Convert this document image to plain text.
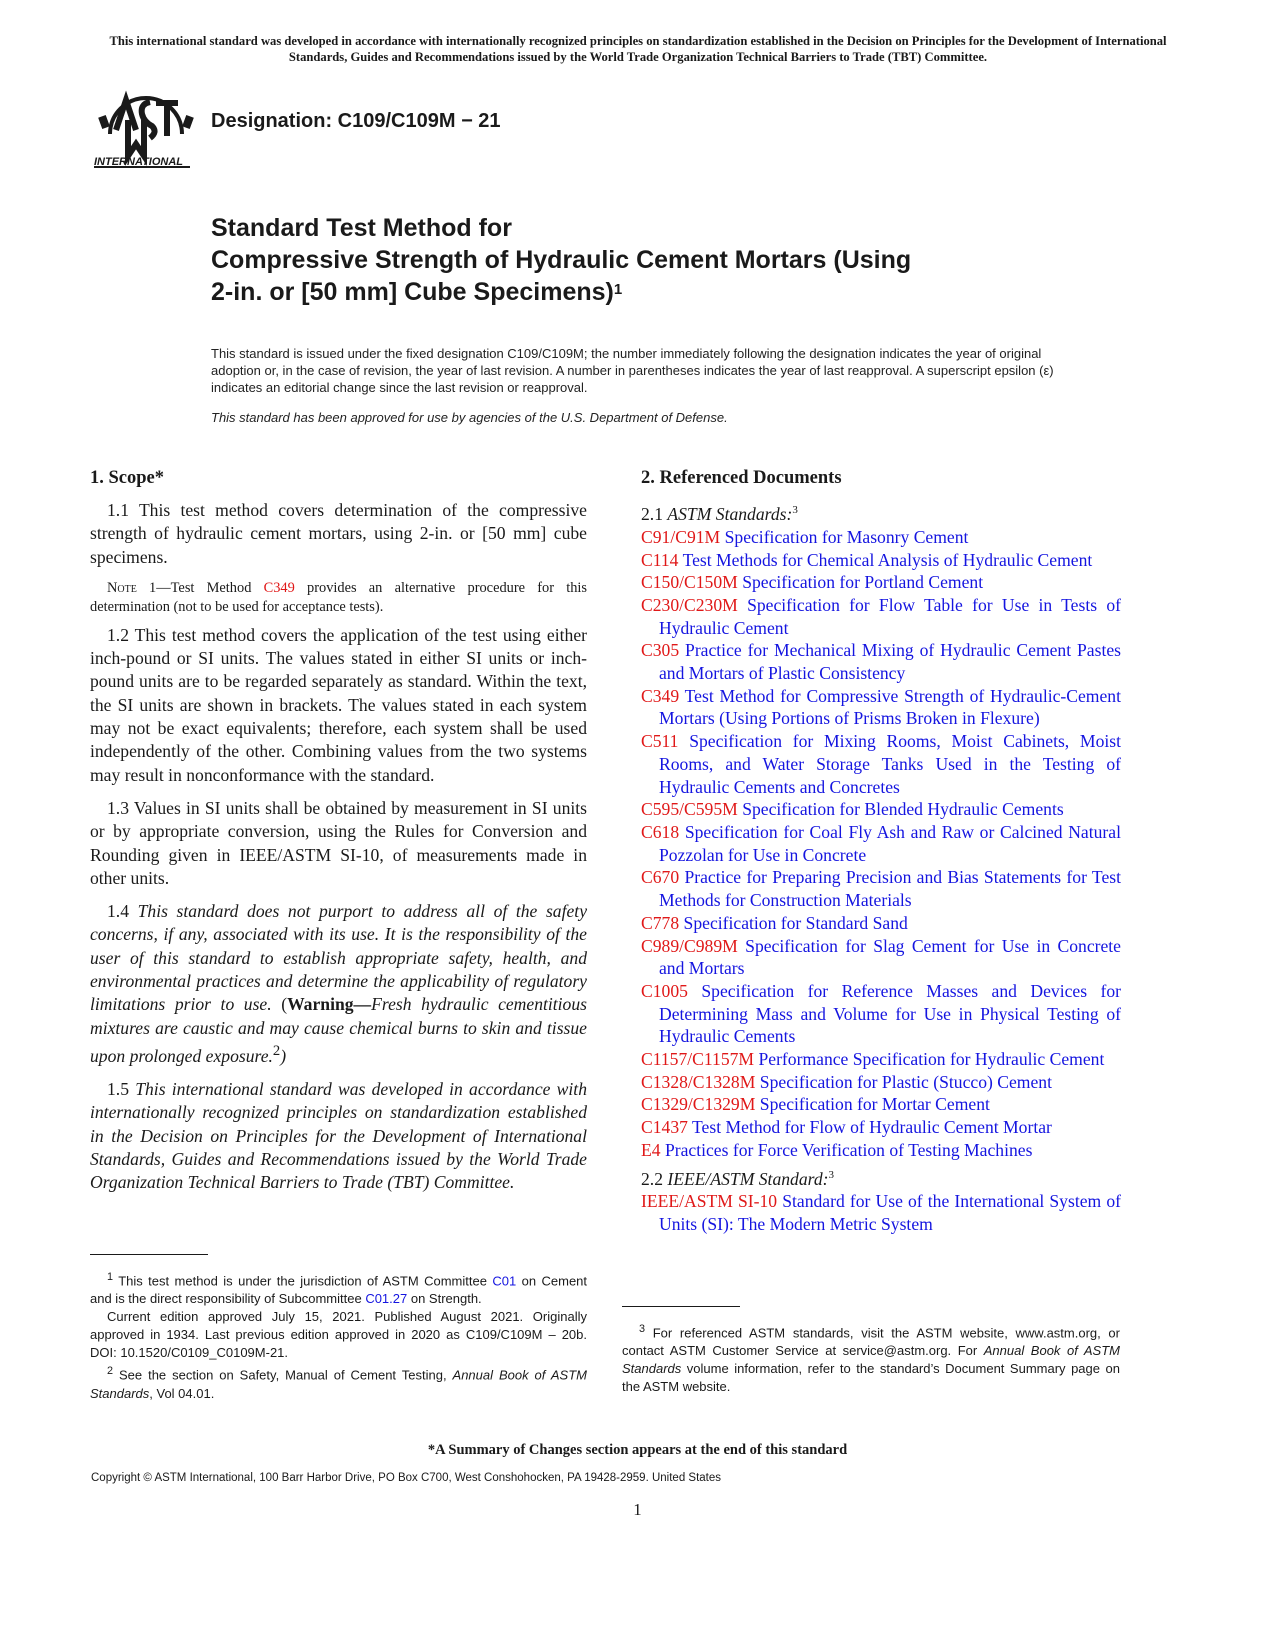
This international standard was developed in accordance with internationally recognized principles on standardization established in the Decision on Principles for the Development of International Standards, Guides and Recommendations issued by the World Trade Organization Technical Barriers to Trade (TBT) Committee.
INTERNATIONAL
Designation: C109/C109M − 21
Standard Test Method for
Compressive Strength of Hydraulic Cement Mortars (Using
2-in. or [50 mm] Cube Specimens)$^1$
This standard is issued under the fixed designation C109/C109M; the number immediately following the designation indicates the year of original adoption or, in the case of revision, the year of last revision. A number in parentheses indicates the year of last reapproval. A superscript epsilon (ε) indicates an editorial change since the last revision or reapproval.
This standard has been approved for use by agencies of the U.S. Department of Defense.
1. Scope*

1.1 This test method covers determination of the compressive strength of hydraulic cement mortars, using 2-in. or [50 mm] cube specimens.

Note 1—Test Method C349 provides an alternative procedure for this determination (not to be used for acceptance tests).

1.2 This test method covers the application of the test using either inch-pound or SI units. The values stated in either SI units or inch-pound units are to be regarded separately as standard. Within the text, the SI units are shown in brackets. The values stated in each system may not be exact equivalents; therefore, each system shall be used independently of the other. Combining values from the two systems may result in nonconformance with the standard.

1.3 Values in SI units shall be obtained by measurement in SI units or by appropriate conversion, using the Rules for Conversion and Rounding given in IEEE/ASTM SI-10, of measurements made in other units.

1.4 This standard does not purport to address all of the safety concerns, if any, associated with its use. It is the responsibility of the user of this standard to establish appropriate safety, health, and environmental practices and determine the applicability of regulatory limitations prior to use. (Warning—Fresh hydraulic cementitious mixtures are caustic and may cause chemical burns to skin and tissue upon prolonged exposure.$^2$)

1.5 This international standard was developed in accordance with internationally recognized principles on standardization established in the Decision on Principles for the Development of International Standards, Guides and Recommendations issued by the World Trade Organization Technical Barriers to Trade (TBT) Committee.

2. Referenced Documents
2.1 ASTM Standards:$^3$

C91/C91M Specification for Masonry Cement

C114 Test Methods for Chemical Analysis of Hydraulic Cement

C150/C150M Specification for Portland Cement

C230/C230M Specification for Flow Table for Use in Tests of Hydraulic Cement

C305 Practice for Mechanical Mixing of Hydraulic Cement Pastes and Mortars of Plastic Consistency

C349 Test Method for Compressive Strength of Hydraulic-Cement Mortars (Using Portions of Prisms Broken in Flexure)

C511 Specification for Mixing Rooms, Moist Cabinets, Moist Rooms, and Water Storage Tanks Used in the Testing of Hydraulic Cements and Concretes

C595/C595M Specification for Blended Hydraulic Cements

C618 Specification for Coal Fly Ash and Raw or Calcined Natural Pozzolan for Use in Concrete

C670 Practice for Preparing Precision and Bias Statements for Test Methods for Construction Materials

C778 Specification for Standard Sand

C989/C989M Specification for Slag Cement for Use in Concrete and Mortars

C1005 Specification for Reference Masses and Devices for Determining Mass and Volume for Use in Physical Testing of Hydraulic Cements

C1157/C1157M Performance Specification for Hydraulic Cement

C1328/C1328M Specification for Plastic (Stucco) Cement

C1329/C1329M Specification for Mortar Cement

C1437 Test Method for Flow of Hydraulic Cement Mortar

E4 Practices for Force Verification of Testing Machines

2.2 IEEE/ASTM Standard:$^3$

IEEE/ASTM SI-10 Standard for Use of the International System of Units (SI): The Modern Metric System

$^1$ This test method is under the jurisdiction of ASTM Committee C01 on Cement and is the direct responsibility of Subcommittee C01.27 on Strength.

Current edition approved July 15, 2021. Published August 2021. Originally approved in 1934. Last previous edition approved in 2020 as C109/C109M – 20b. DOI: 10.1520/C0109_C0109M-21.

$^2$ See the section on Safety, Manual of Cement Testing, Annual Book of ASTM Standards, Vol 04.01.

$^3$ For referenced ASTM standards, visit the ASTM website, www.astm.org, or contact ASTM Customer Service at service@astm.org. For Annual Book of ASTM Standards volume information, refer to the standard’s Document Summary page on the ASTM website.

*A Summary of Changes section appears at the end of this standard
Copyright © ASTM International, 100 Barr Harbor Drive, PO Box C700, West Conshohocken, PA 19428-2959. United States
1
